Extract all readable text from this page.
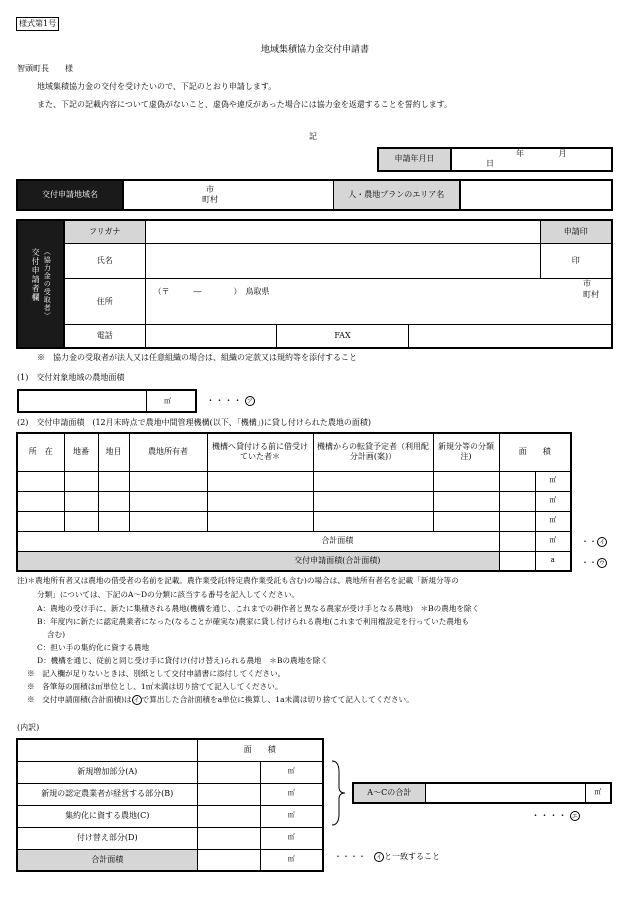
様式第1号
地域集積協力金交付申請書
智頭町長　　様
地域集積協力金の交付を受けたいので、下記のとおり申請します。
また、下記の記載内容について虚偽がないこと、虚偽や違反があった場合には協力金を返還することを誓約します。
記
申請年月日	年	月 日
交付申請地域名	
市
町村
	人・農地プランのエリア名	
交付申請者欄 （協力金の受取者）	フリガナ				申請印
	氏名				印
	住所	（〒　　　―　　　　）　鳥取県
市
町村			

	電話		FAX		
※　協力金の受取者が法人又は任意組織の場合は、組織の定款又は規約等を添付すること
(1)　交付対象地域の農地面積
㎡	・・・・ ア
(2)　交付申請面積　(12月末時点で農地中間管理機構(以下、「機構」)に貸し付けられた農地の面積)
所　在	地番	地目	農地所有者	機構へ貸付ける前に借受けていた者＊	機構からの転貸予定者（利用配分計画(案)）	新規分等の分類　注)	面　　積	
								㎡
								㎡
								㎡
合計面積								㎡
交付申請面積(合計面積)								a
・・ イ
・・ ウ
注)＊農地所有者又は農地の借受者の名前を記載。農作業受託(特定農作業受託も含む)の場合は、農地所有者名を記載「新規分等の
分類」については、下記のA～Dの分類に該当する番号を記入してください。
A：農地の受け手に、新たに集積される農地(機構を通じ、これまでの耕作者と異なる農家が受け手となる農地)　＊Bの農地を除く
B：年度内に新たに認定農業者になった(なることが確実な)農家に貸し付けられる農地(これまで利用権設定を行っていた農地も
含む)
C：担い手の集約化に資する農地
D：機構を通じ、従前と同じ受け手に貸付け(付け替え)られる農地　＊Bの農地を除く
※　記入欄が足りないときは、別紙として交付申請書に添付してください。
※　各筆毎の面積は㎡単位とし、1㎡未満は切り捨てて記入してください。
※　交付申請面積(合計面積)は イ で算出した合計面積をa単位に換算し、1a未満は切り捨てて記入してください。
(内訳)
	面　　積	
新規増加部分(A)		㎡
新規の認定農業者が経営する部分(B)		㎡
集約化に資する農地(C)		㎡
付け替え部分(D)		㎡
合計面積		㎡
A～Cの合計		㎡
・・・・ エ
・・・・　 イ と一致すること
